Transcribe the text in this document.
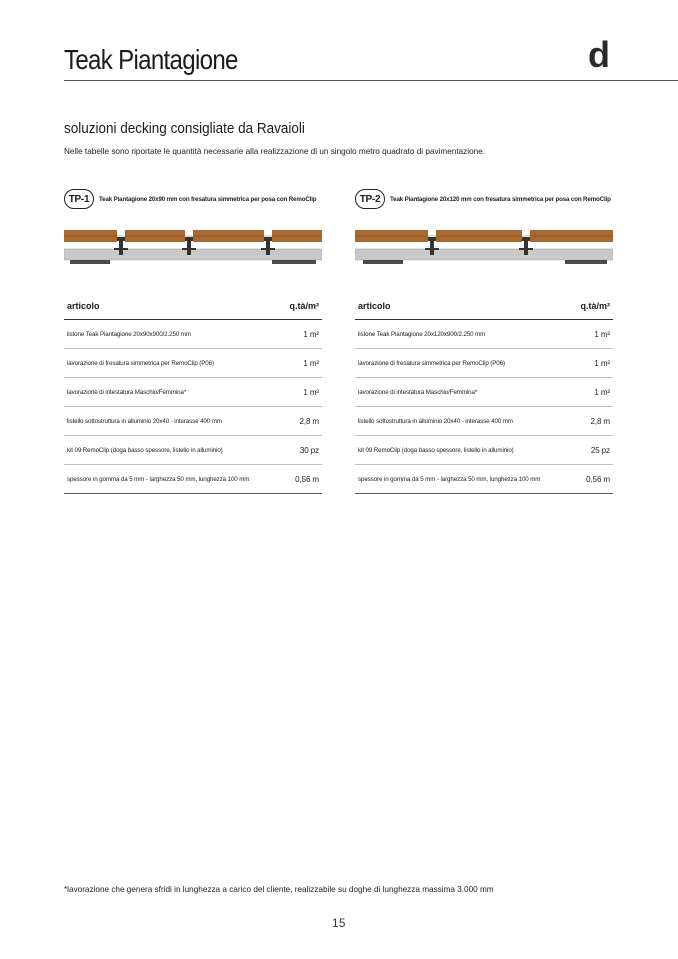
Teak Piantagione	d
soluzioni decking consigliate da Ravaioli
Nelle tabelle sono riportate le quantità necessarie alla realizzazione di un singolo metro quadrato di pavimentazione.
TP-1	Teak Piantagione 20x90 mm con fresatura simmetrica per posa con RemoClip
articolo	q.tà/m²
listone Teak Piantagione 20x90x900/2.250 mm	1 m²
lavorazione di fresatura simmetrica per RemoClip (P06)	1 m²
lavorazione di intestatura Maschio/Femmina*	1 m²
listello sottostruttura in alluminio 20x40 - interasse 400 mm	2,8 m
kit 09 RemoClip (doga basso spessore, listello in alluminio)	30 pz
spessore in gomma da 5 mm - larghezza 50 mm, lunghezza 100 mm	0,56 m
TP-2	Teak Piantagione 20x120 mm con fresatura simmetrica per posa con RemoClip
articolo	q.tà/m²
listone Teak Piantagione 20x120x900/2.250 mm	1 m²
lavorazione di fresatura simmetrica per RemoClip (P06)	1 m²
lavorazione di intestatura Maschio/Femmina*	1 m²
listello sottostruttura in alluminio 20x40 - interasse 400 mm	2,8 m
kit 09 RemoClip (doga basso spessore, listello in alluminio)	25 pz
spessore in gomma da 5 mm - larghezza 50 mm, lunghezza 100 mm	0,56 m
*lavorazione che genera sfridi in lunghezza a carico del cliente, realizzabile su doghe di lunghezza massima 3.000 mm
15
